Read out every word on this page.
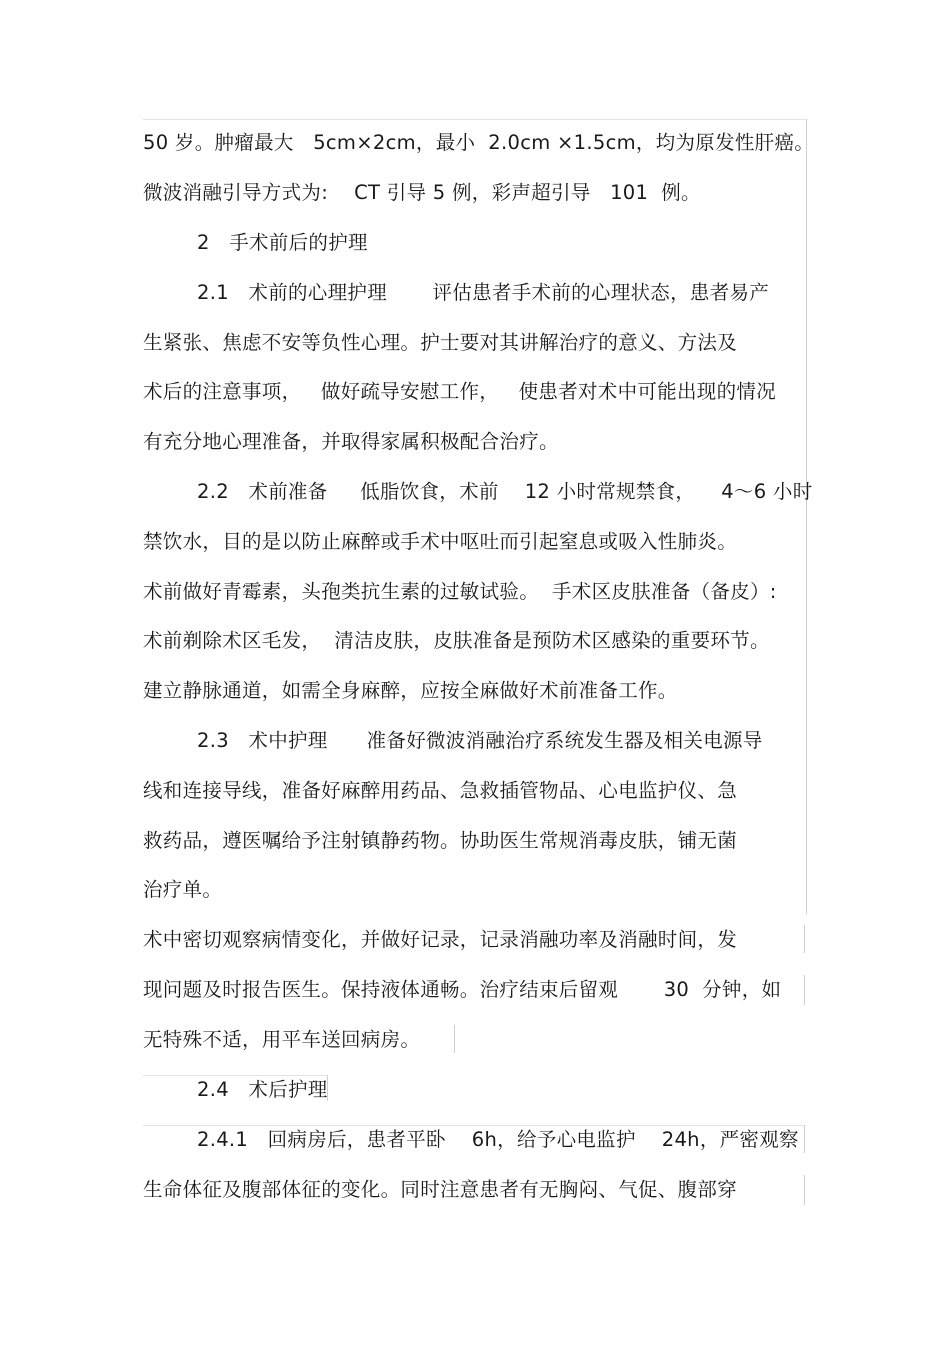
50 岁。肿瘤最大   5cm×2cm，最小  2.0cm ×1.5cm，均为原发性肝癌。
微波消融引导方式为:    CT 引导 5 例，彩声超引导   101  例。
2   手术前后的护理
2.1   术前的心理护理       评估患者手术前的心理状态，患者易产
生紧张、焦虑不安等负性心理。护士要对其讲解治疗的意义、方法及
术后的注意事项，   做好疏导安慰工作，   使患者对术中可能出现的情况
有充分地心理准备，并取得家属积极配合治疗。
2.2   术前准备     低脂饮食，术前    12 小时常规禁食，    4～6 小时
禁饮水，目的是以防止麻醉或手术中呕吐而引起窒息或吸入性肺炎。
术前做好青霉素，头孢类抗生素的过敏试验。  手术区皮肤准备（备皮）:
术前剃除术区毛发，  清洁皮肤，皮肤准备是预防术区感染的重要环节。
建立静脉通道，如需全身麻醉，应按全麻做好术前准备工作。
2.3   术中护理      准备好微波消融治疗系统发生器及相关电源导
线和连接导线，准备好麻醉用药品、急救插管物品、心电监护仪、急
救药品，遵医嘱给予注射镇静药物。协助医生常规消毒皮肤，铺无菌
治疗单。
术中密切观察病情变化，并做好记录，记录消融功率及消融时间，发
现问题及时报告医生。保持液体通畅。治疗结束后留观       30  分钟，如
无特殊不适，用平车送回病房。
2.4   术后护理
2.4.1   回病房后，患者平卧    6h，给予心电监护    24h，严密观察
生命体征及腹部体征的变化。同时注意患者有无胸闷、气促、腹部穿
